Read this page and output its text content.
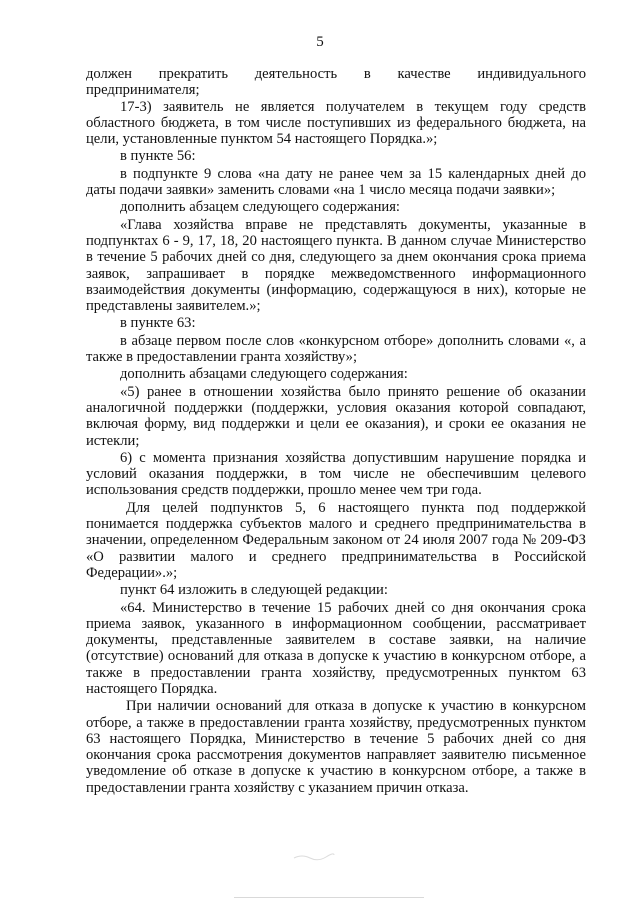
5

должен прекратить деятельность в качестве индивидуального предпринимателя;

17-3) заявитель не является получателем в текущем году средств областного бюджета, в том числе поступивших из федерального бюджета, на цели, установленные пунктом 54 настоящего Порядка.»;

в пункте 56:

в подпункте 9 слова «на дату не ранее чем за 15 календарных дней до даты подачи заявки» заменить словами «на 1 число месяца подачи заявки»;

дополнить абзацем следующего содержания:

«Глава хозяйства вправе не представлять документы, указанные в подпунктах 6 - 9, 17, 18, 20 настоящего пункта. В данном случае Министерство в течение 5 рабочих дней со дня, следующего за днем окончания срока приема заявок, запрашивает в порядке межведомственного информационного взаимодействия документы (информацию, содержащуюся в них), которые не представлены заявителем.»;

в пункте 63:

в абзаце первом после слов «конкурсном отборе» дополнить словами «, а также в предоставлении гранта хозяйству»;

дополнить абзацами следующего содержания:

«5) ранее в отношении хозяйства было принято решение об оказании аналогичной поддержки (поддержки, условия оказания которой совпадают, включая форму, вид поддержки и цели ее оказания), и сроки ее оказания не истекли;

6) с момента признания хозяйства допустившим нарушение порядка и условий оказания поддержки, в том числе не обеспечившим целевого использования средств поддержки, прошло менее чем три года.

Для целей подпунктов 5, 6 настоящего пункта под поддержкой понимается поддержка субъектов малого и среднего предпринимательства в значении, определенном Федеральным законом от 24 июля 2007 года № 209-ФЗ «О развитии малого и среднего предпринимательства в Российской Федерации».»;

пункт 64 изложить в следующей редакции:

«64. Министерство в течение 15 рабочих дней со дня окончания срока приема заявок, указанного в информационном сообщении, рассматривает документы, представленные заявителем в составе заявки, на наличие (отсутствие) оснований для отказа в допуске к участию в конкурсном отборе, а также в предоставлении гранта хозяйству, предусмотренных пунктом 63 настоящего Порядка.

При наличии оснований для отказа в допуске к участию в конкурсном отборе, а также в предоставлении гранта хозяйству, предусмотренных пунктом 63 настоящего Порядка, Министерство в течение 5 рабочих дней со дня окончания срока рассмотрения документов направляет заявителю письменное уведомление об отказе в допуске к участию в конкурсном отборе, а также в предоставлении гранта хозяйству с указанием причин отказа.
